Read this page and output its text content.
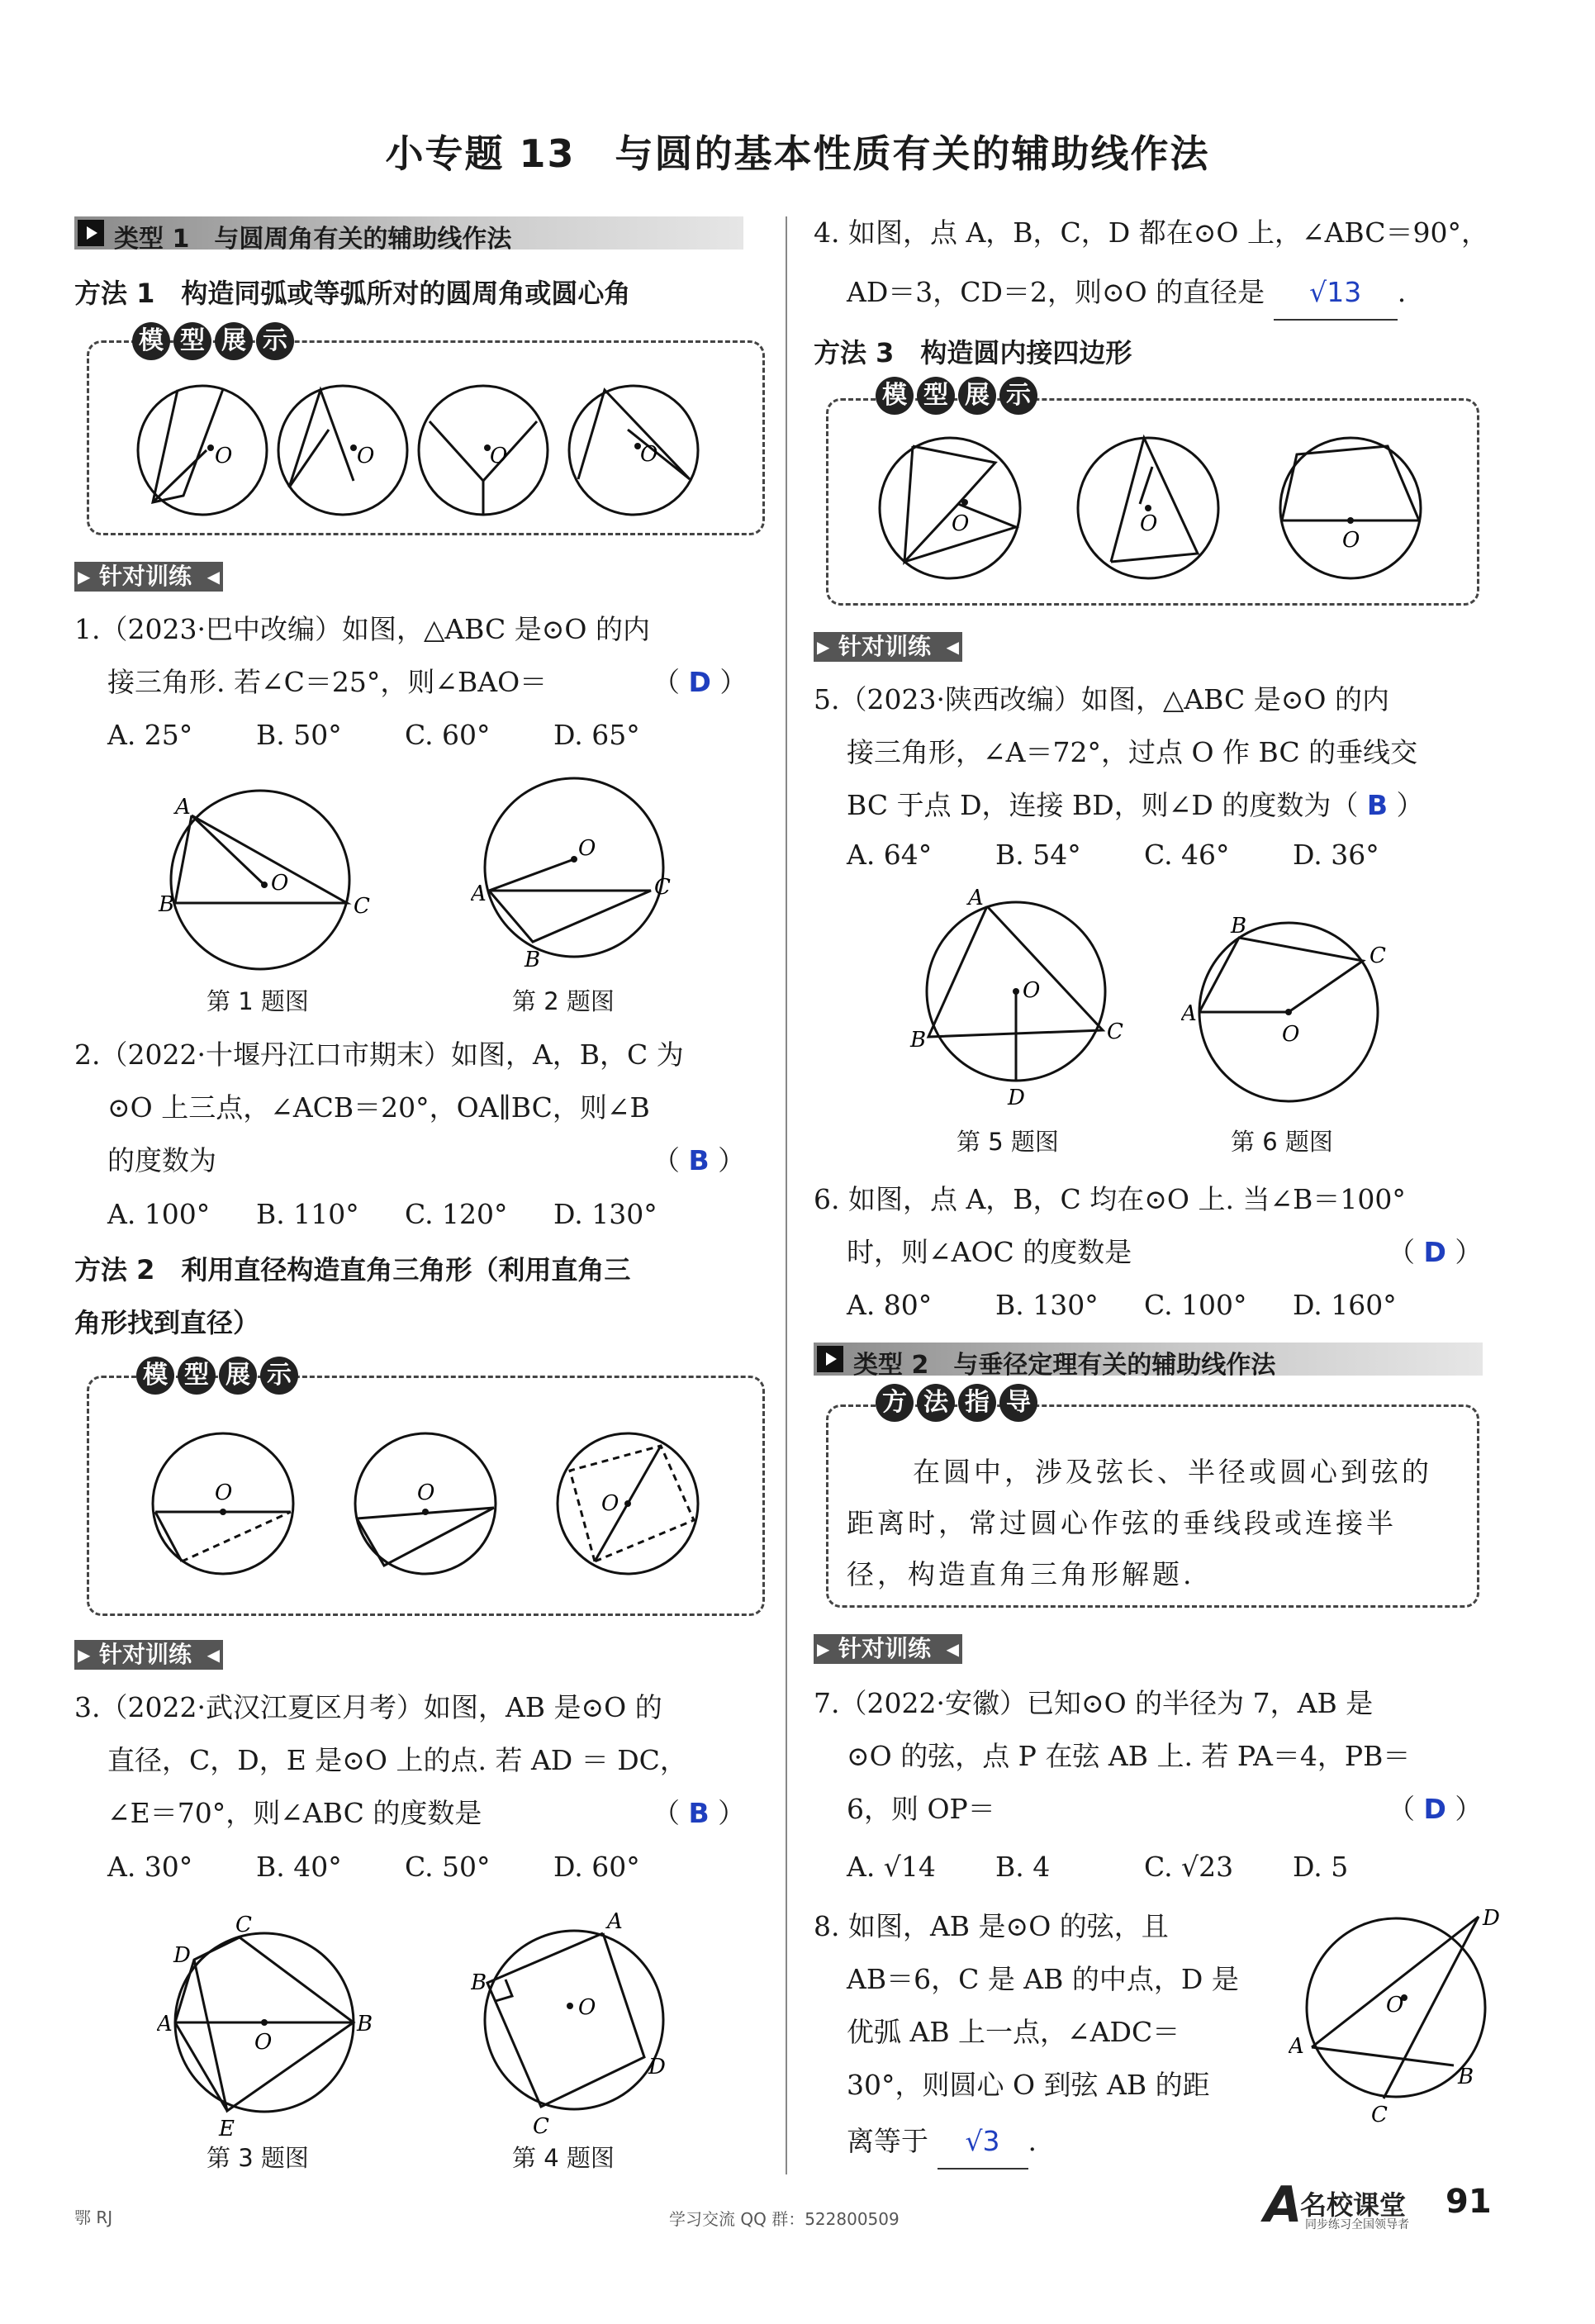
小专题 13　与圆的基本性质有关的辅助线作法
类型 1　与圆周角有关的辅助线作法
方法 1　构造同弧或等弧所对的圆周角或圆心角
模 型 展 示
O	O	O	O
▶ 针对训练 ◀
1.（2023·巴中改编）如图，△ABC 是⊙O 的内
接三角形. 若∠C＝25°，则∠BAO＝	（ D ）
A. 25°	B. 50°	C. 60°	D. 65°
A
B	C
O
O
A	C
B
第 1 题图	第 2 题图
2.（2022·十堰丹江口市期末）如图，A，B，C 为
⊙O 上三点，∠ACB＝20°，OA∥BC，则∠B
的度数为	（ B ）
A. 100°	B. 110°	C. 120°	D. 130°
方法 2　利用直径构造直角三角形（利用直角三
角形找到直径）
模 型 展 示
O	O	O
▶ 针对训练 ◀
3.（2022·武汉江夏区月考）如图，AB 是⊙O 的
直径，C，D，E 是⊙O 上的点. 若 AD ＝ DC，
∠E＝70°，则∠ABC 的度数是	（ B ）
A. 30°	B. 40°	C. 50°	D. 60°
C
D
A	B
O
E
A
B
O
D
C
第 3 题图	第 4 题图
4. 如图，点 A，B，C，D 都在⊙O 上，∠ABC＝90°，
AD＝3，CD＝2，则⊙O 的直径是 √13 .
方法 3　构造圆内接四边形
模 型 展 示
O	O
O
▶ 针对训练 ◀
5.（2023·陕西改编）如图，△ABC 是⊙O 的内
接三角形，∠A＝72°，过点 O 作 BC 的垂线交
BC 于点 D，连接 BD，则∠D 的度数为（ B ）
A. 64°	B. 54°	C. 46°	D. 36°
A
B	C
O
D
B
C
A
O
第 5 题图	第 6 题图
6. 如图，点 A，B，C 均在⊙O 上. 当∠B＝100°
时，则∠AOC 的度数是	（ D ）
A. 80°	B. 130°	C. 100°	D. 160°
类型 2　与垂径定理有关的辅助线作法
方 法 指 导
在圆中，涉及弦长、半径或圆心到弦的
距离时，常过圆心作弦的垂线段或连接半
径，构造直角三角形解题.
▶ 针对训练 ◀
7.（2022·安徽）已知⊙O 的半径为 7，AB 是
⊙O 的弦，点 P 在弦 AB 上. 若 PA＝4，PB＝
6，则 OP＝	（ D ）
A. √14	B. 4	C. √23	D. 5
8. 如图，AB 是⊙O 的弦，且
AB＝6，C 是 AB 的中点，D 是
优弧 AB 上一点，∠ADC＝
30°，则圆心 O 到弦 AB 的距
离等于 √3 .
D
A
O
B
C
鄂 RJ	学习交流 QQ 群：522800509	A
名校课堂
同步练习全国领导者
91
